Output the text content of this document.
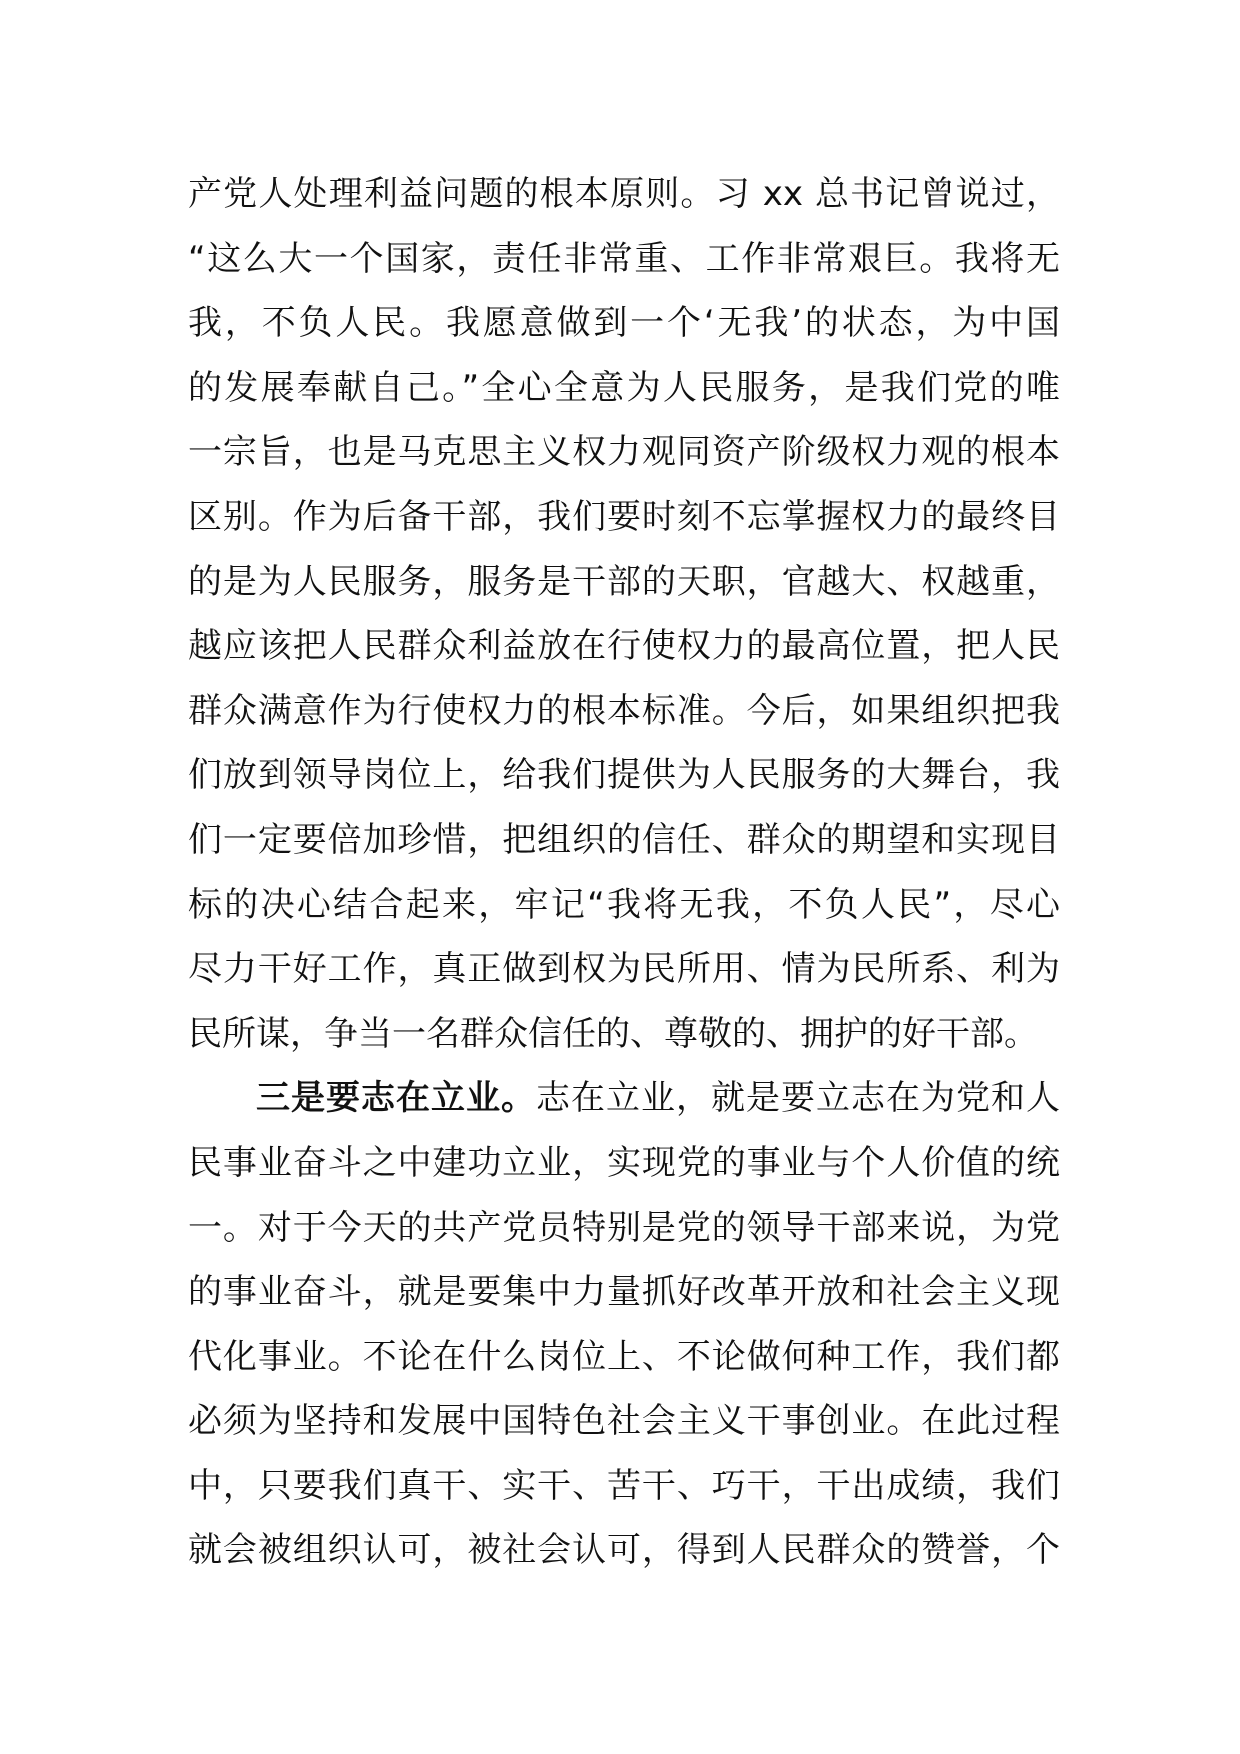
产党人处理利益问题的根本原则。习 xx 总书记曾说过，
“这么大一个国家，责任非常重、工作非常艰巨。我将无
我，不负人民。我愿意做到一个‘无我’的状态，为中国
的发展奉献自己。”全心全意为人民服务，是我们党的唯
一宗旨，也是马克思主义权力观同资产阶级权力观的根本
区别。作为后备干部，我们要时刻不忘掌握权力的最终目
的是为人民服务，服务是干部的天职，官越大、权越重，
越应该把人民群众利益放在行使权力的最高位置，把人民
群众满意作为行使权力的根本标准。今后，如果组织把我
们放到领导岗位上，给我们提供为人民服务的大舞台，我
们一定要倍加珍惜，把组织的信任、群众的期望和实现目
标的决心结合起来，牢记“我将无我，不负人民”，尽心
尽力干好工作，真正做到权为民所用、情为民所系、利为
民所谋，争当一名群众信任的、尊敬的、拥护的好干部。
三是要志在立业。志在立业，就是要立志在为党和人
民事业奋斗之中建功立业，实现党的事业与个人价值的统
一。对于今天的共产党员特别是党的领导干部来说，为党
的事业奋斗，就是要集中力量抓好改革开放和社会主义现
代化事业。不论在什么岗位上、不论做何种工作，我们都
必须为坚持和发展中国特色社会主义干事创业。在此过程
中，只要我们真干、实干、苦干、巧干，干出成绩，我们
就会被组织认可，被社会认可，得到人民群众的赞誉，个
